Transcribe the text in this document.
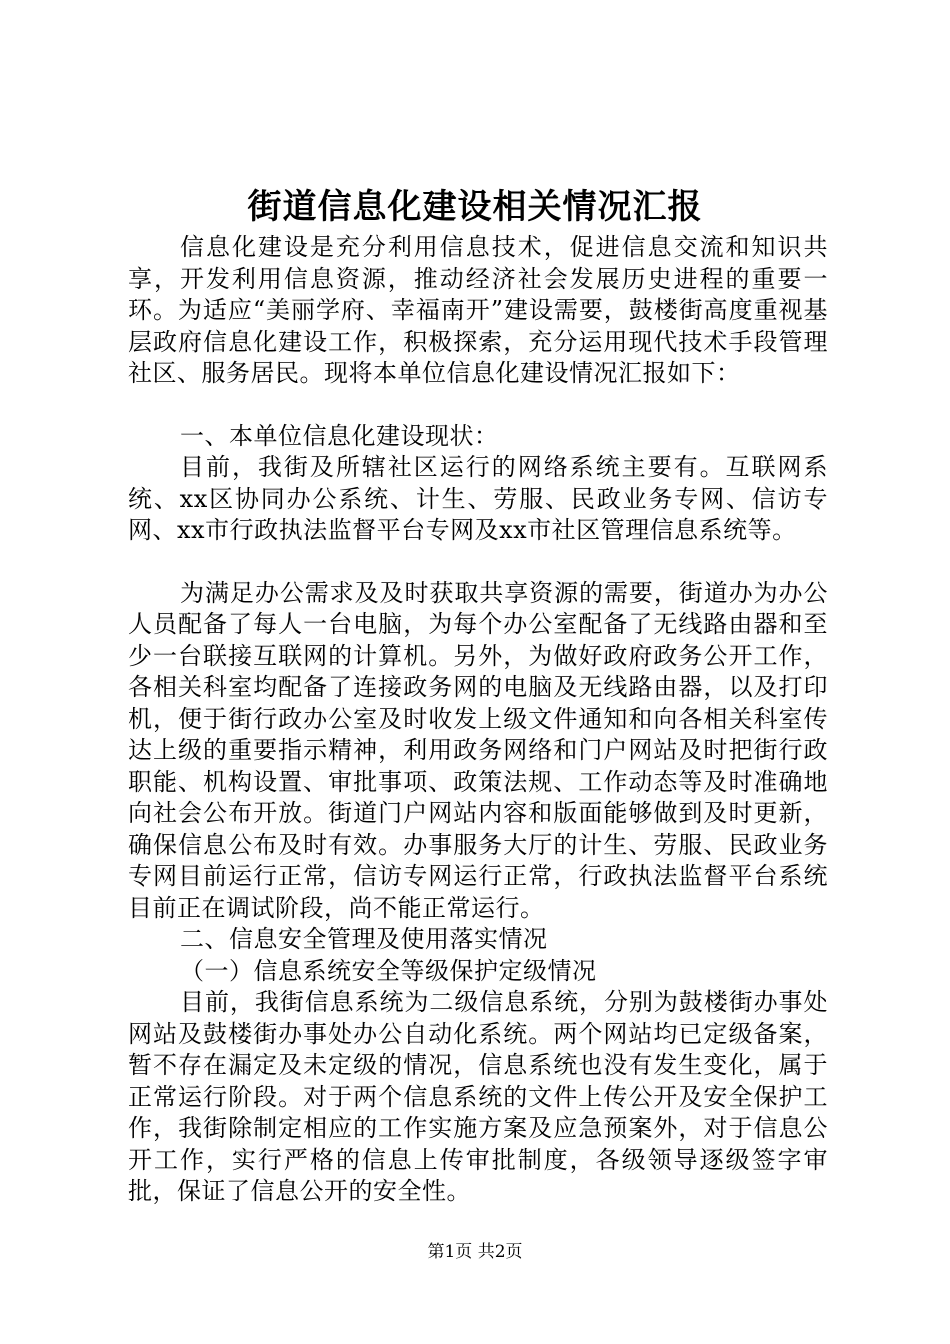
街道信息化建设相关情况汇报

信息化建设是充分利用信息技术，促进信息交流和知识共享，开发利用信息资源，推动经济社会发展历史进程的重要一环。为适应“美丽学府、幸福南开”建设需要，鼓楼街高度重视基层政府信息化建设工作，积极探索，充分运用现代技术手段管理社区、服务居民。现将本单位信息化建设情况汇报如下：

一、本单位信息化建设现状：

目前，我街及所辖社区运行的网络系统主要有。互联网系统、xx区协同办公系统、计生、劳服、民政业务专网、信访专网、xx市行政执法监督平台专网及xx市社区管理信息系统等。

为满足办公需求及及时获取共享资源的需要，街道办为办公人员配备了每人一台电脑，为每个办公室配备了无线路由器和至少一台联接互联网的计算机。另外，为做好政府政务公开工作，各相关科室均配备了连接政务网的电脑及无线路由器，以及打印机，便于街行政办公室及时收发上级文件通知和向各相关科室传达上级的重要指示精神，利用政务网络和门户网站及时把街行政职能、机构设置、审批事项、政策法规、工作动态等及时准确地向社会公布开放。街道门户网站内容和版面能够做到及时更新，确保信息公布及时有效。办事服务大厅的计生、劳服、民政业务专网目前运行正常，信访专网运行正常，行政执法监督平台系统目前正在调试阶段，尚不能正常运行。

二、信息安全管理及使用落实情况

（一）信息系统安全等级保护定级情况

目前，我街信息系统为二级信息系统，分别为鼓楼街办事处网站及鼓楼街办事处办公自动化系统。两个网站均已定级备案，暂不存在漏定及未定级的情况，信息系统也没有发生变化，属于正常运行阶段。对于两个信息系统的文件上传公开及安全保护工作，我街除制定相应的工作实施方案及应急预案外，对于信息公开工作，实行严格的信息上传审批制度，各级领导逐级签字审批，保证了信息公开的安全性。

第1页 共2页
